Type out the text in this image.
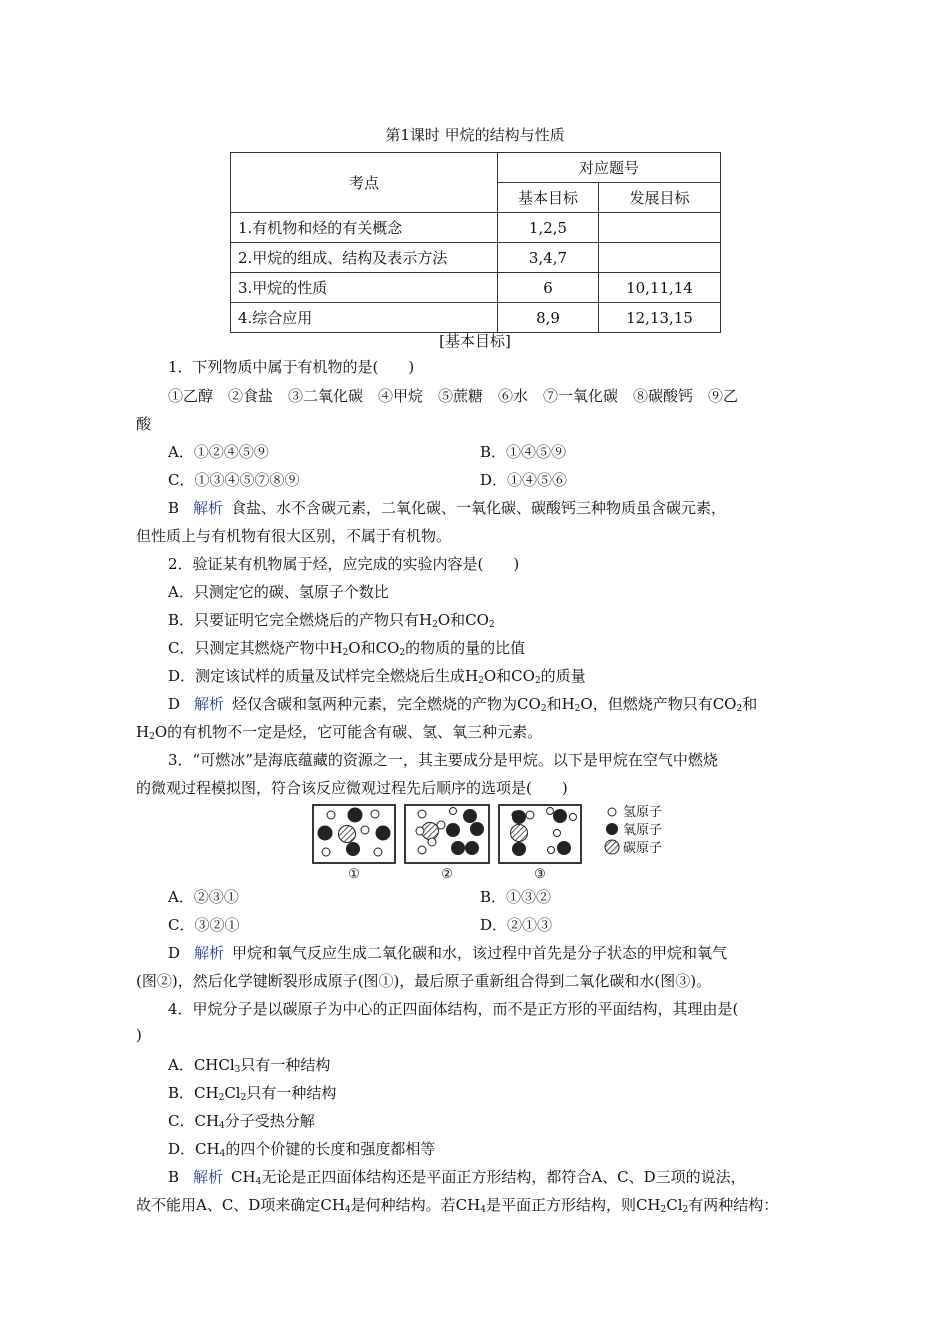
第1课时 甲烷的结构与性质
考点	对应题号	
	基本目标	发展目标
1.有机物和烃的有关概念	1,2,5	
2.甲烷的组成、结构及表示方法	3,4,7	
3.甲烷的性质	6	10,11,14
4.综合应用	8,9	12,13,15
[基本目标]
1．下列物质中属于有机物的是(　　)
①乙醇　②食盐　③二氧化碳　④甲烷　⑤蔗糖　⑥水　⑦一氧化碳　⑧碳酸钙　⑨乙
酸
A．①②④⑤⑨	B．①④⑤⑨
C．①③④⑤⑦⑧⑨	D．①④⑤⑥
B 解析 食盐、水不含碳元素，二氧化碳、一氧化碳、碳酸钙三种物质虽含碳元素，
但性质上与有机物有很大区别，不属于有机物。
2．验证某有机物属于烃，应完成的实验内容是(　　)
A．只测定它的碳、氢原子个数比
B．只要证明它完全燃烧后的产物只有$H_2O$和$CO_2$
C．只测定其燃烧产物中$H_2O$和$CO_2$的物质的量的比值
D．测定该试样的质量及试样完全燃烧后生成$H_2O$和$CO_2$的质量
D 解析 烃仅含碳和氢两种元素，完全燃烧的产物为$CO_2$和$H_2O$，但燃烧产物只有$CO_2$和
$H_2O$的有机物不一定是烃，它可能含有碳、氢、氧三种元素。
3．“可燃冰”是海底蕴藏的资源之一，其主要成分是甲烷。以下是甲烷在空气中燃烧
的微观过程模拟图，符合该反应微观过程先后顺序的选项是(　　)
氢原子
氧原子
碳原子
①	②	③
A．②③①	B．①③②
C．③②①	D．②①③
D 解析 甲烷和氧气反应生成二氧化碳和水，该过程中首先是分子状态的甲烷和氧气
(图②)，然后化学键断裂形成原子(图①)，最后原子重新组合得到二氧化碳和水(图③)。
4．甲烷分子是以碳原子为中心的正四面体结构，而不是正方形的平面结构，其理由是(
)
A．CHCl$_3$只有一种结构
B．$CH_2Cl_2$只有一种结构
C．$CH_4$分子受热分解
D．$CH_4$的四个价键的长度和强度都相等
B 解析 $CH_4$无论是正四面体结构还是平面正方形结构，都符合A、C、D三项的说法，
故不能用A、C、D项来确定$CH_4$是何种结构。若$CH_4$是平面正方形结构，则$CH_2Cl_2$有两种结构：
